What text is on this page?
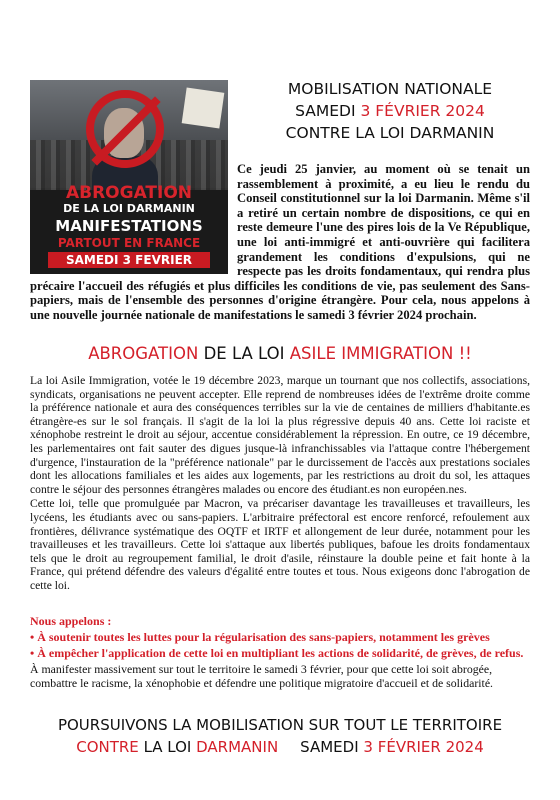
ABROGATION
DE LA LOI DARMANIN
MANIFESTATIONS
PARTOUT EN FRANCE
SAMEDI 3 FEVRIER
MOBILISATION NATIONALE
SAMEDI 3 FÉVRIER 2024
CONTRE LA LOI DARMANIN
Ce jeudi 25 janvier, au moment où se tenait un rassemblement à proximité, a eu lieu le rendu du Conseil constitutionnel sur la loi Darmanin. Même s'il a retiré un certain nombre de dispositions, ce qui en reste demeure l'une des pires lois de la Ve République, une loi anti-immigré et anti-ouvrière qui facilitera grandement les conditions d'expulsions, qui ne respecte pas les droits fondamentaux, qui rendra plus précaire l'accueil des réfugiés et plus difficiles les conditions de vie, pas seulement des Sans-papiers, mais de l'ensemble des personnes d'origine étrangère. Pour cela, nous appelons à une nouvelle journée nationale de manifestations le samedi 3 février 2024 prochain.
ABROGATION DE LA LOI ASILE IMMIGRATION !!

La loi Asile Immigration, votée le 19 décembre 2023, marque un tournant que nos collectifs, associations, syndicats, organisations ne peuvent accepter. Elle reprend de nombreuses idées de l'extrême droite comme la préférence nationale et aura des conséquences terribles sur la vie de centaines de milliers d'habitante.es étrangère-es sur le sol français. Il s'agit de la loi la plus régressive depuis 40 ans. Cette loi raciste et xénophobe restreint le droit au séjour, accentue considérablement la répression. En outre, ce 19 décembre, les parlementaires ont fait sauter des digues jusque-là infranchissables via l'attaque contre l'hébergement d'urgence, l'instauration de la "préférence nationale" par le durcissement de l'accès aux prestations sociales dont les allocations familiales et les aides aux logements, par les restrictions au droit du sol, les attaques contre le séjour des personnes étrangères malades ou encore des étudiant.es non européen.nes.

Cette loi, telle que promulguée par Macron, va précariser davantage les travailleuses et travailleurs, les lycéens, les étudiants avec ou sans-papiers. L'arbitraire préfectoral est encore renforcé, refoulement aux frontières, délivrance systématique des OQTF et IRTF et allongement de leur durée, notamment pour les travailleuses et les travailleurs. Cette loi s'attaque aux libertés publiques, bafoue les droits fondamentaux tels que le droit au regroupement familial, le droit d'asile, réinstaure la double peine et fait honte à la France, qui prétend défendre des valeurs d'égalité entre toutes et tous. Nous exigeons donc l'abrogation de cette loi.

Nous appelons :
• À soutenir toutes les luttes pour la régularisation des sans-papiers, notamment les grèves
• À empêcher l'application de cette loi en multipliant les actions de solidarité, de grèves, de refus.
À manifester massivement sur tout le territoire le samedi 3 février, pour que cette loi soit abrogée, combattre le racisme, la xénophobie et défendre une politique migratoire d'accueil et de solidarité.
POURSUIVONS LA MOBILISATION SUR TOUT LE TERRITOIRE
CONTRE LA LOI DARMANIN SAMEDI 3 FÉVRIER 2024
